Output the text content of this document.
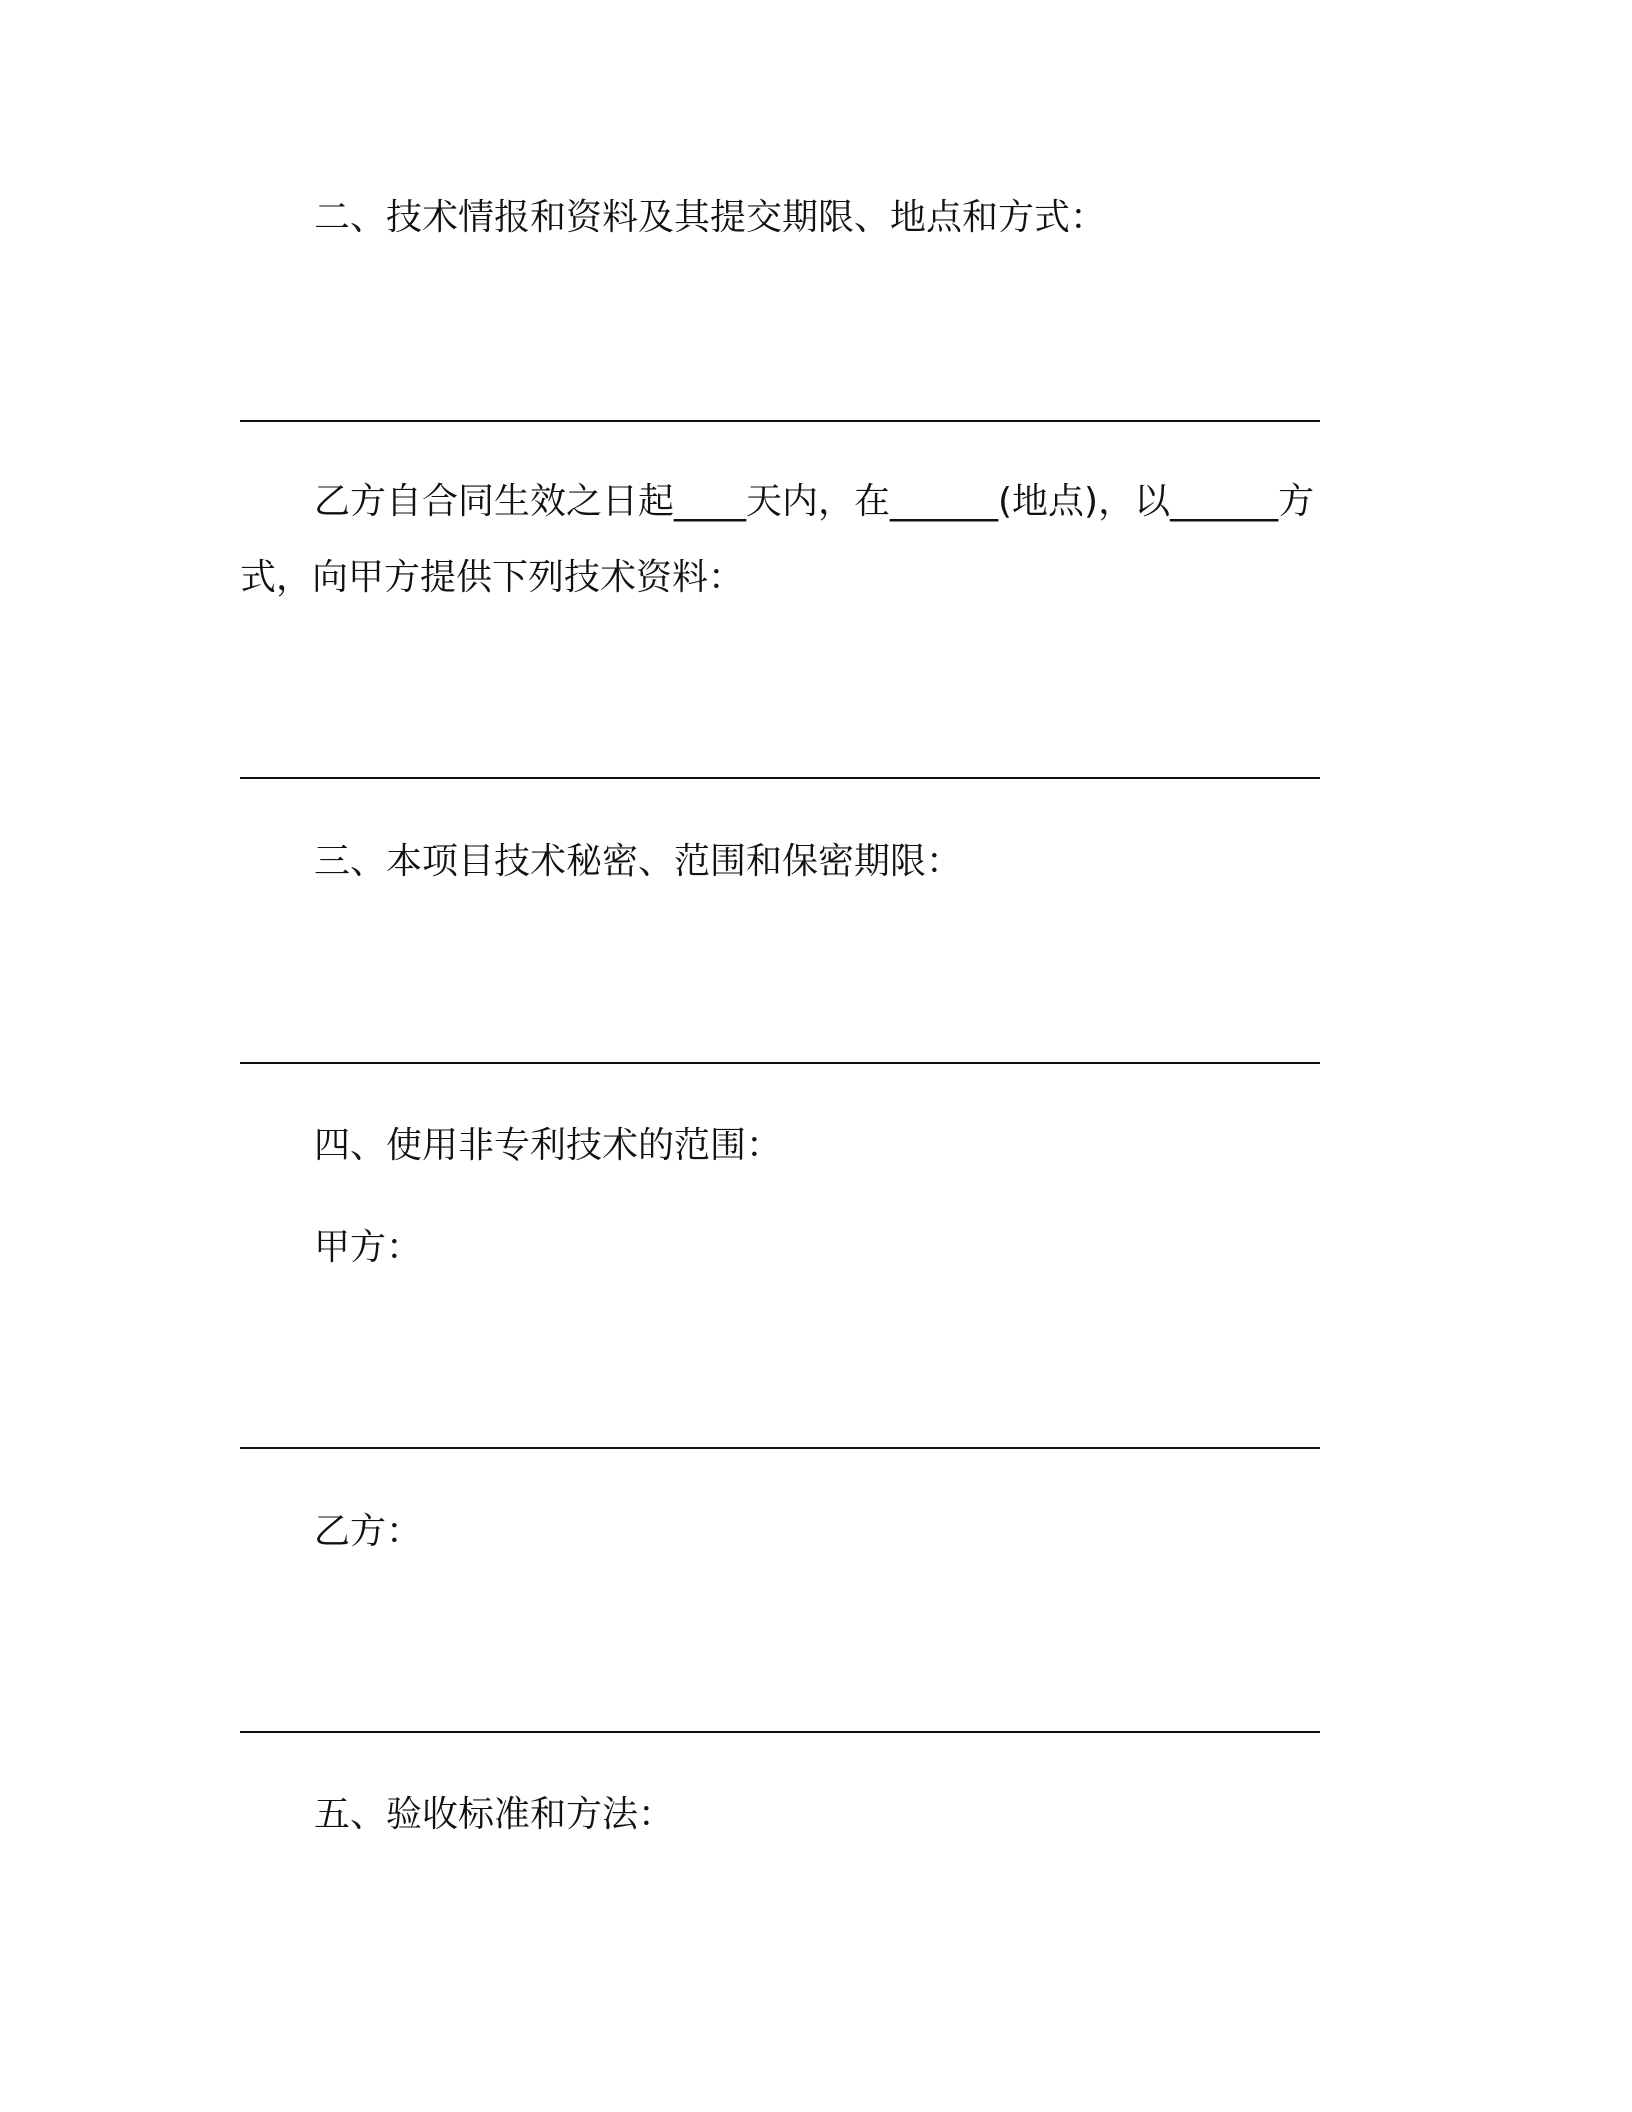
二、技术情报和资料及其提交期限、地点和方式：

乙方自合同生效之日起____天内，在______(地点)，以______方

式，向甲方提供下列技术资料：

三、本项目技术秘密、范围和保密期限：

四、使用非专利技术的范围：

甲方：

乙方：

五、验收标准和方法：
